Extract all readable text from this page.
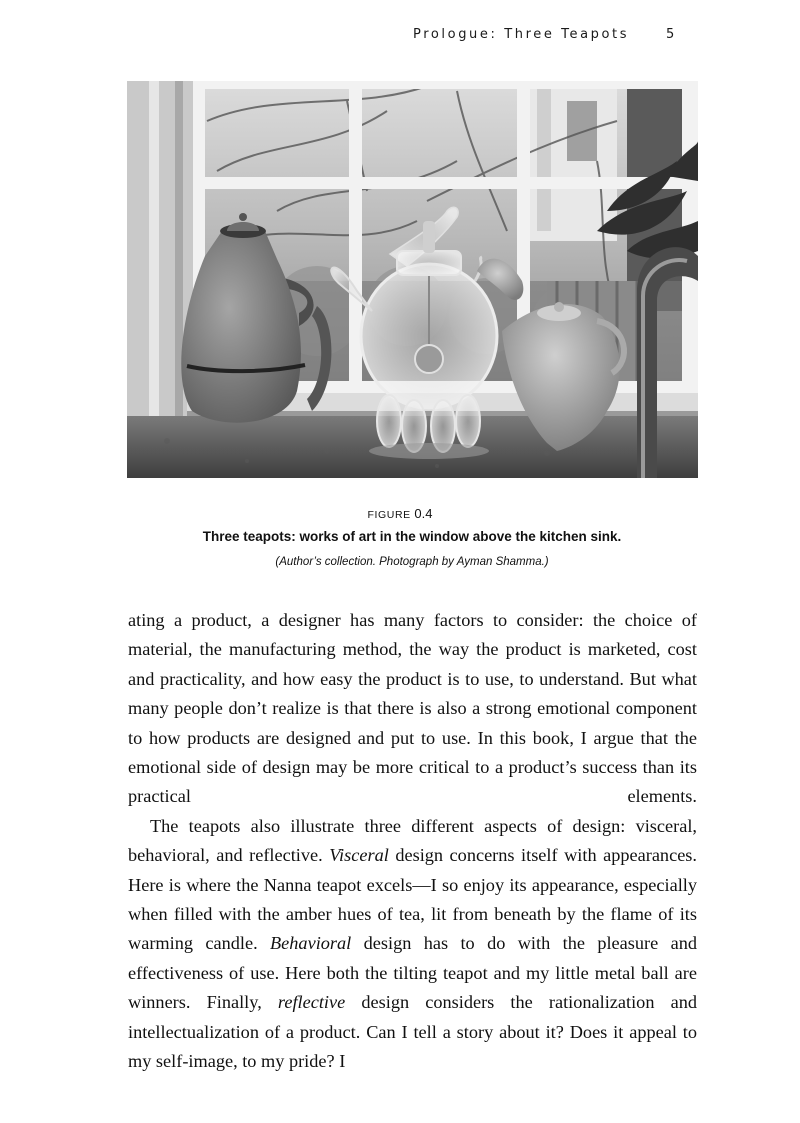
Prologue: Three Teapots	5
FIGURE 0.4
Three teapots: works of art in the window above the kitchen sink.
(Author’s collection. Photograph by Ayman Shamma.)

ating a product, a designer has many factors to consider: the choice of material, the manufacturing method, the way the product is marketed, cost and practicality, and how easy the product is to use, to understand. But what many people don’t realize is that there is also a strong emotional component to how products are designed and put to use. In this book, I argue that the emotional side of design may be more critical to a product’s success than its practical elements.

The teapots also illustrate three different aspects of design: visceral, behavioral, and reflective. Visceral design concerns itself with appearances. Here is where the Nanna teapot excels—I so enjoy its appearance, especially when filled with the amber hues of tea, lit from beneath by the flame of its warming candle. Behavioral design has to do with the pleasure and effectiveness of use. Here both the tilting teapot and my little metal ball are winners. Finally, reflective design considers the rationalization and intellectualization of a product. Can I tell a story about it? Does it appeal to my self-image, to my pride? I
